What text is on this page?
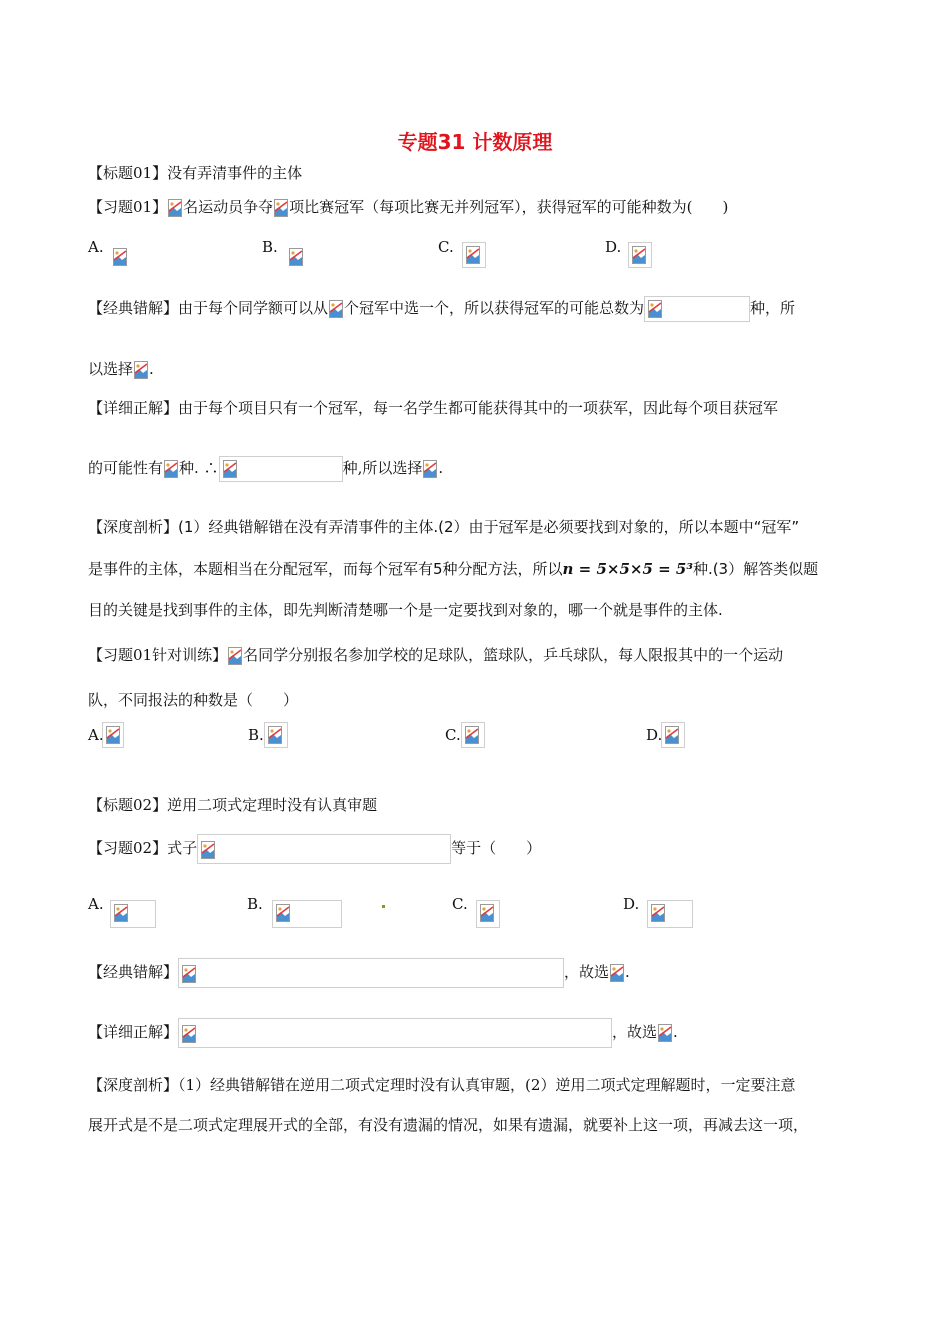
专题31 计数原理
【标题01】没有弄清事件的主体
【习题01】 名运动员争夺 项比赛冠军（每项比赛无并列冠军），获得冠军的可能种数为(　　)
A.	B.	C.	D.
【经典错解】由于每个同学额可以从 个冠军中选一个，所以获得冠军的可能总数为	种，所
以选择 .
【详细正解】由于每个项目只有一个冠军，每一名学生都可能获得其中的一项获军，因此每个项目获冠军
的可能性有 种. ∴	种,所以选择 .
【深度剖析】(1）经典错解错在没有弄清事件的主体.(2）由于冠军是必须要找到对象的，所以本题中“冠军”
是事件的主体，本题相当在分配冠军，而每个冠军有5种分配方法，所以n = 5×5×5 = 5³种.(3）解答类似题
目的关键是找到事件的主体，即先判断清楚哪一个是一定要找到对象的，哪一个就是事件的主体.
【习题01针对训练】 名同学分别报名参加学校的足球队，篮球队，乒乓球队，每人限报其中的一个运动
队，不同报法的种数是（　　）
A.	B.	C.	D.
【标题02】逆用二项式定理时没有认真审题
【习题02】式子	等于（　　）
A.	B.	C.	D.
【经典错解】	，故选 .
【详细正解】	，故选 .
【深度剖析】（1）经典错解错在逆用二项式定理时没有认真审题，(2）逆用二项式定理解题时，一定要注意
展开式是不是二项式定理展开式的全部，有没有遗漏的情况，如果有遗漏，就要补上这一项，再减去这一项，
